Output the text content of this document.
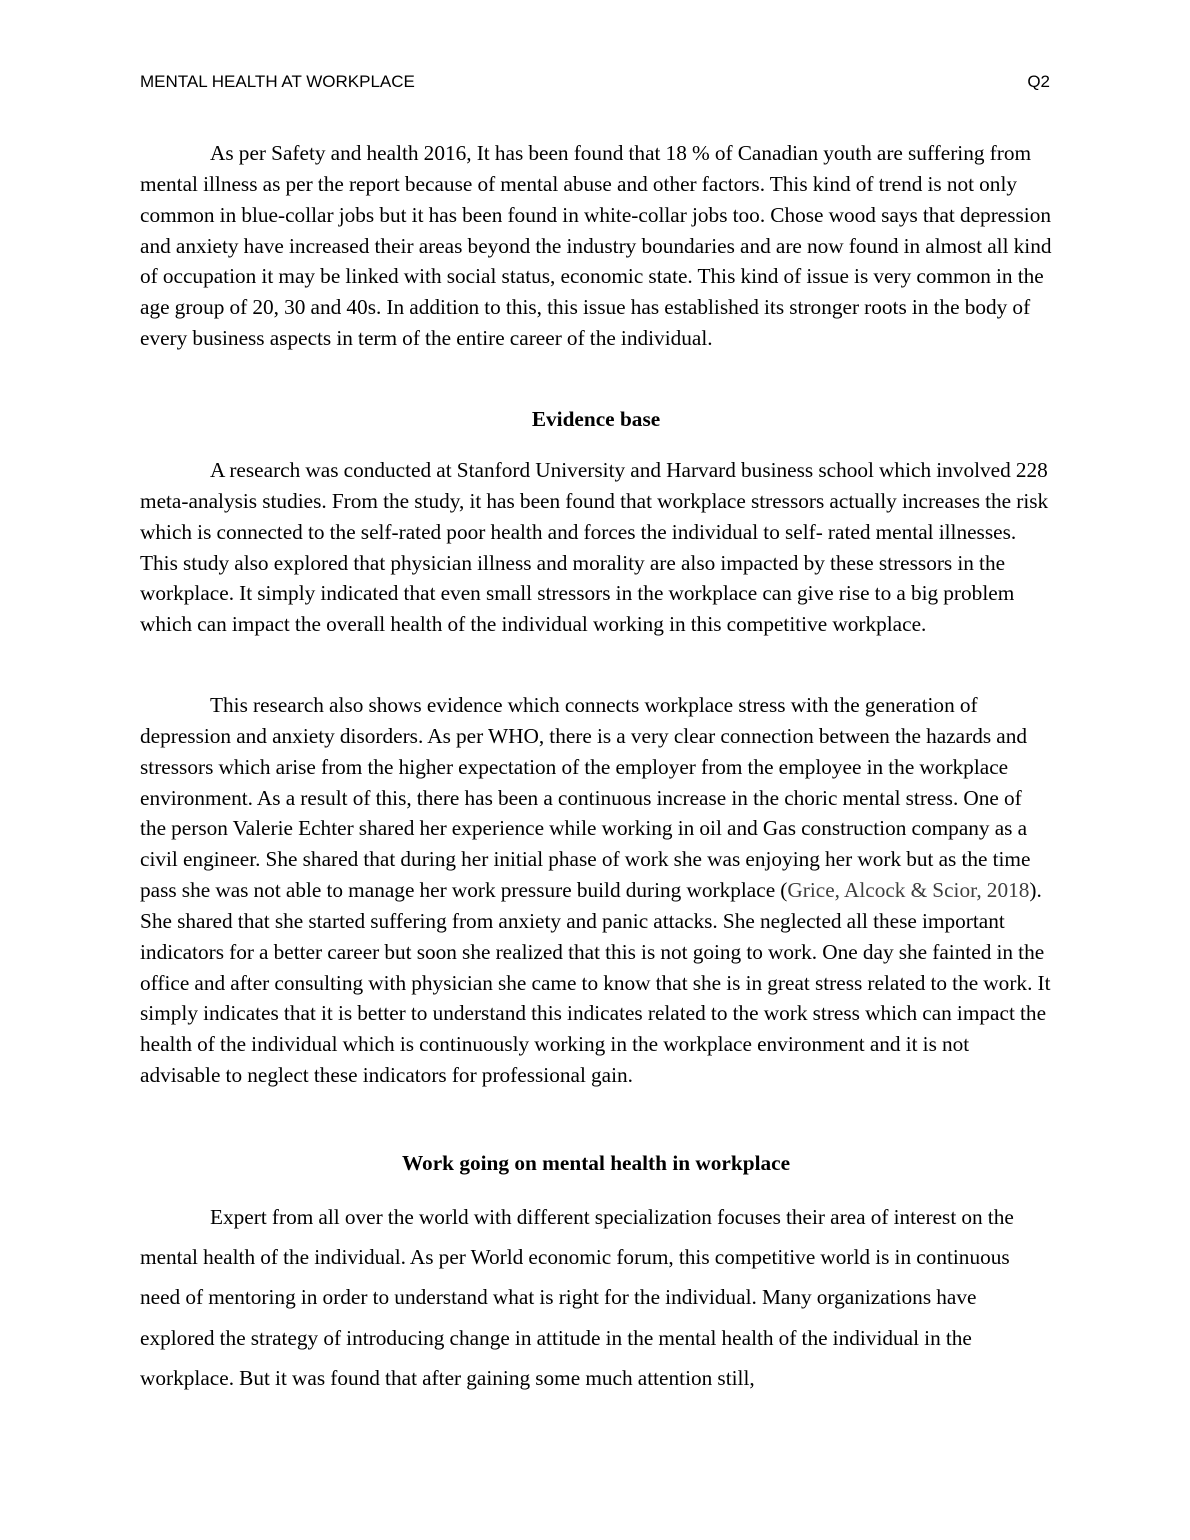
MENTAL HEALTH AT WORKPLACE	Q2

As per Safety and health 2016, It has been found that 18 % of Canadian youth are suffering from mental illness as per the report because of mental abuse and other factors. This kind of trend is not only common in blue-collar jobs but it has been found in white-collar jobs too. Chose wood says that depression and anxiety have increased their areas beyond the industry boundaries and are now found in almost all kind of occupation it may be linked with social status, economic state. This kind of issue is very common in the age group of 20, 30 and 40s. In addition to this, this issue has established its stronger roots in the body of every business aspects in term of the entire career of the individual.

Evidence base

A research was conducted at Stanford University and Harvard business school which involved 228 meta-analysis studies. From the study, it has been found that workplace stressors actually increases the risk which is connected to the self-rated poor health and forces the individual to self- rated mental illnesses. This study also explored that physician illness and morality are also impacted by these stressors in the workplace. It simply indicated that even small stressors in the workplace can give rise to a big problem which can impact the overall health of the individual working in this competitive workplace.

This research also shows evidence which connects workplace stress with the generation of depression and anxiety disorders. As per WHO, there is a very clear connection between the hazards and stressors which arise from the higher expectation of the employer from the employee in the workplace environment. As a result of this, there has been a continuous increase in the choric mental stress. One of the person Valerie Echter shared her experience while working in oil and Gas construction company as a civil engineer. She shared that during her initial phase of work she was enjoying her work but as the time pass she was not able to manage her work pressure build during workplace (Grice, Alcock & Scior, 2018). She shared that she started suffering from anxiety and panic attacks. She neglected all these important indicators for a better career but soon she realized that this is not going to work. One day she fainted in the office and after consulting with physician she came to know that she is in great stress related to the work. It simply indicates that it is better to understand this indicates related to the work stress which can impact the health of the individual which is continuously working in the workplace environment and it is not advisable to neglect these indicators for professional gain.

Work going on mental health in workplace

Expert from all over the world with different specialization focuses their area of interest on the mental health of the individual. As per World economic forum, this competitive world is in continuous need of mentoring in order to understand what is right for the individual. Many organizations have explored the strategy of introducing change in attitude in the mental health of the individual in the workplace. But it was found that after gaining some much attention still,
